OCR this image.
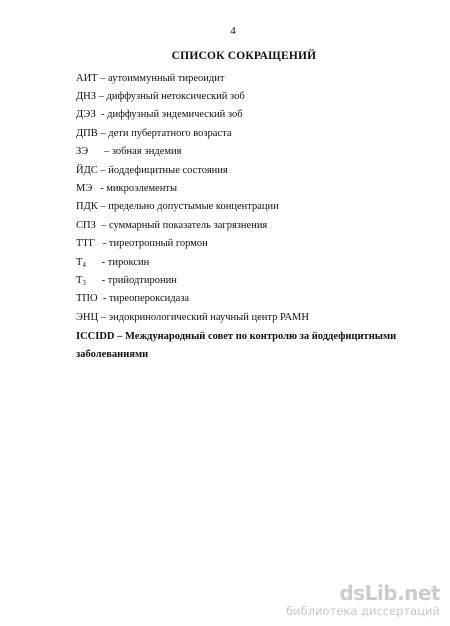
4
СПИСОК СОКРАЩЕНИЙ
АИТ – аутоиммунный тиреоидит
ДНЗ – диффузный нетоксический зоб
ДЭЗ  - диффузный эндемический зоб
ДПВ – дети пубертатного возраста
ЗЭ      – зобная эндемия
ЙДС – йоддефицитные состояния
МЭ   - микроэлементы
ПДК – предельно допустымые концентрации
СПЗ  – суммарный показатель загрязнения
ТТГ   - тиреотропный гормон
$Т_4$      - тироксин
$Т_3$      - трийодтиронин
ТПО  - тиреопероксидаза
ЭНЦ – эндокринологический научный центр РАМН
ICCIDD – Международный совет по контролю за йоддефицитными
заболеваниями
dsLib.net
библиотека диссертаций
